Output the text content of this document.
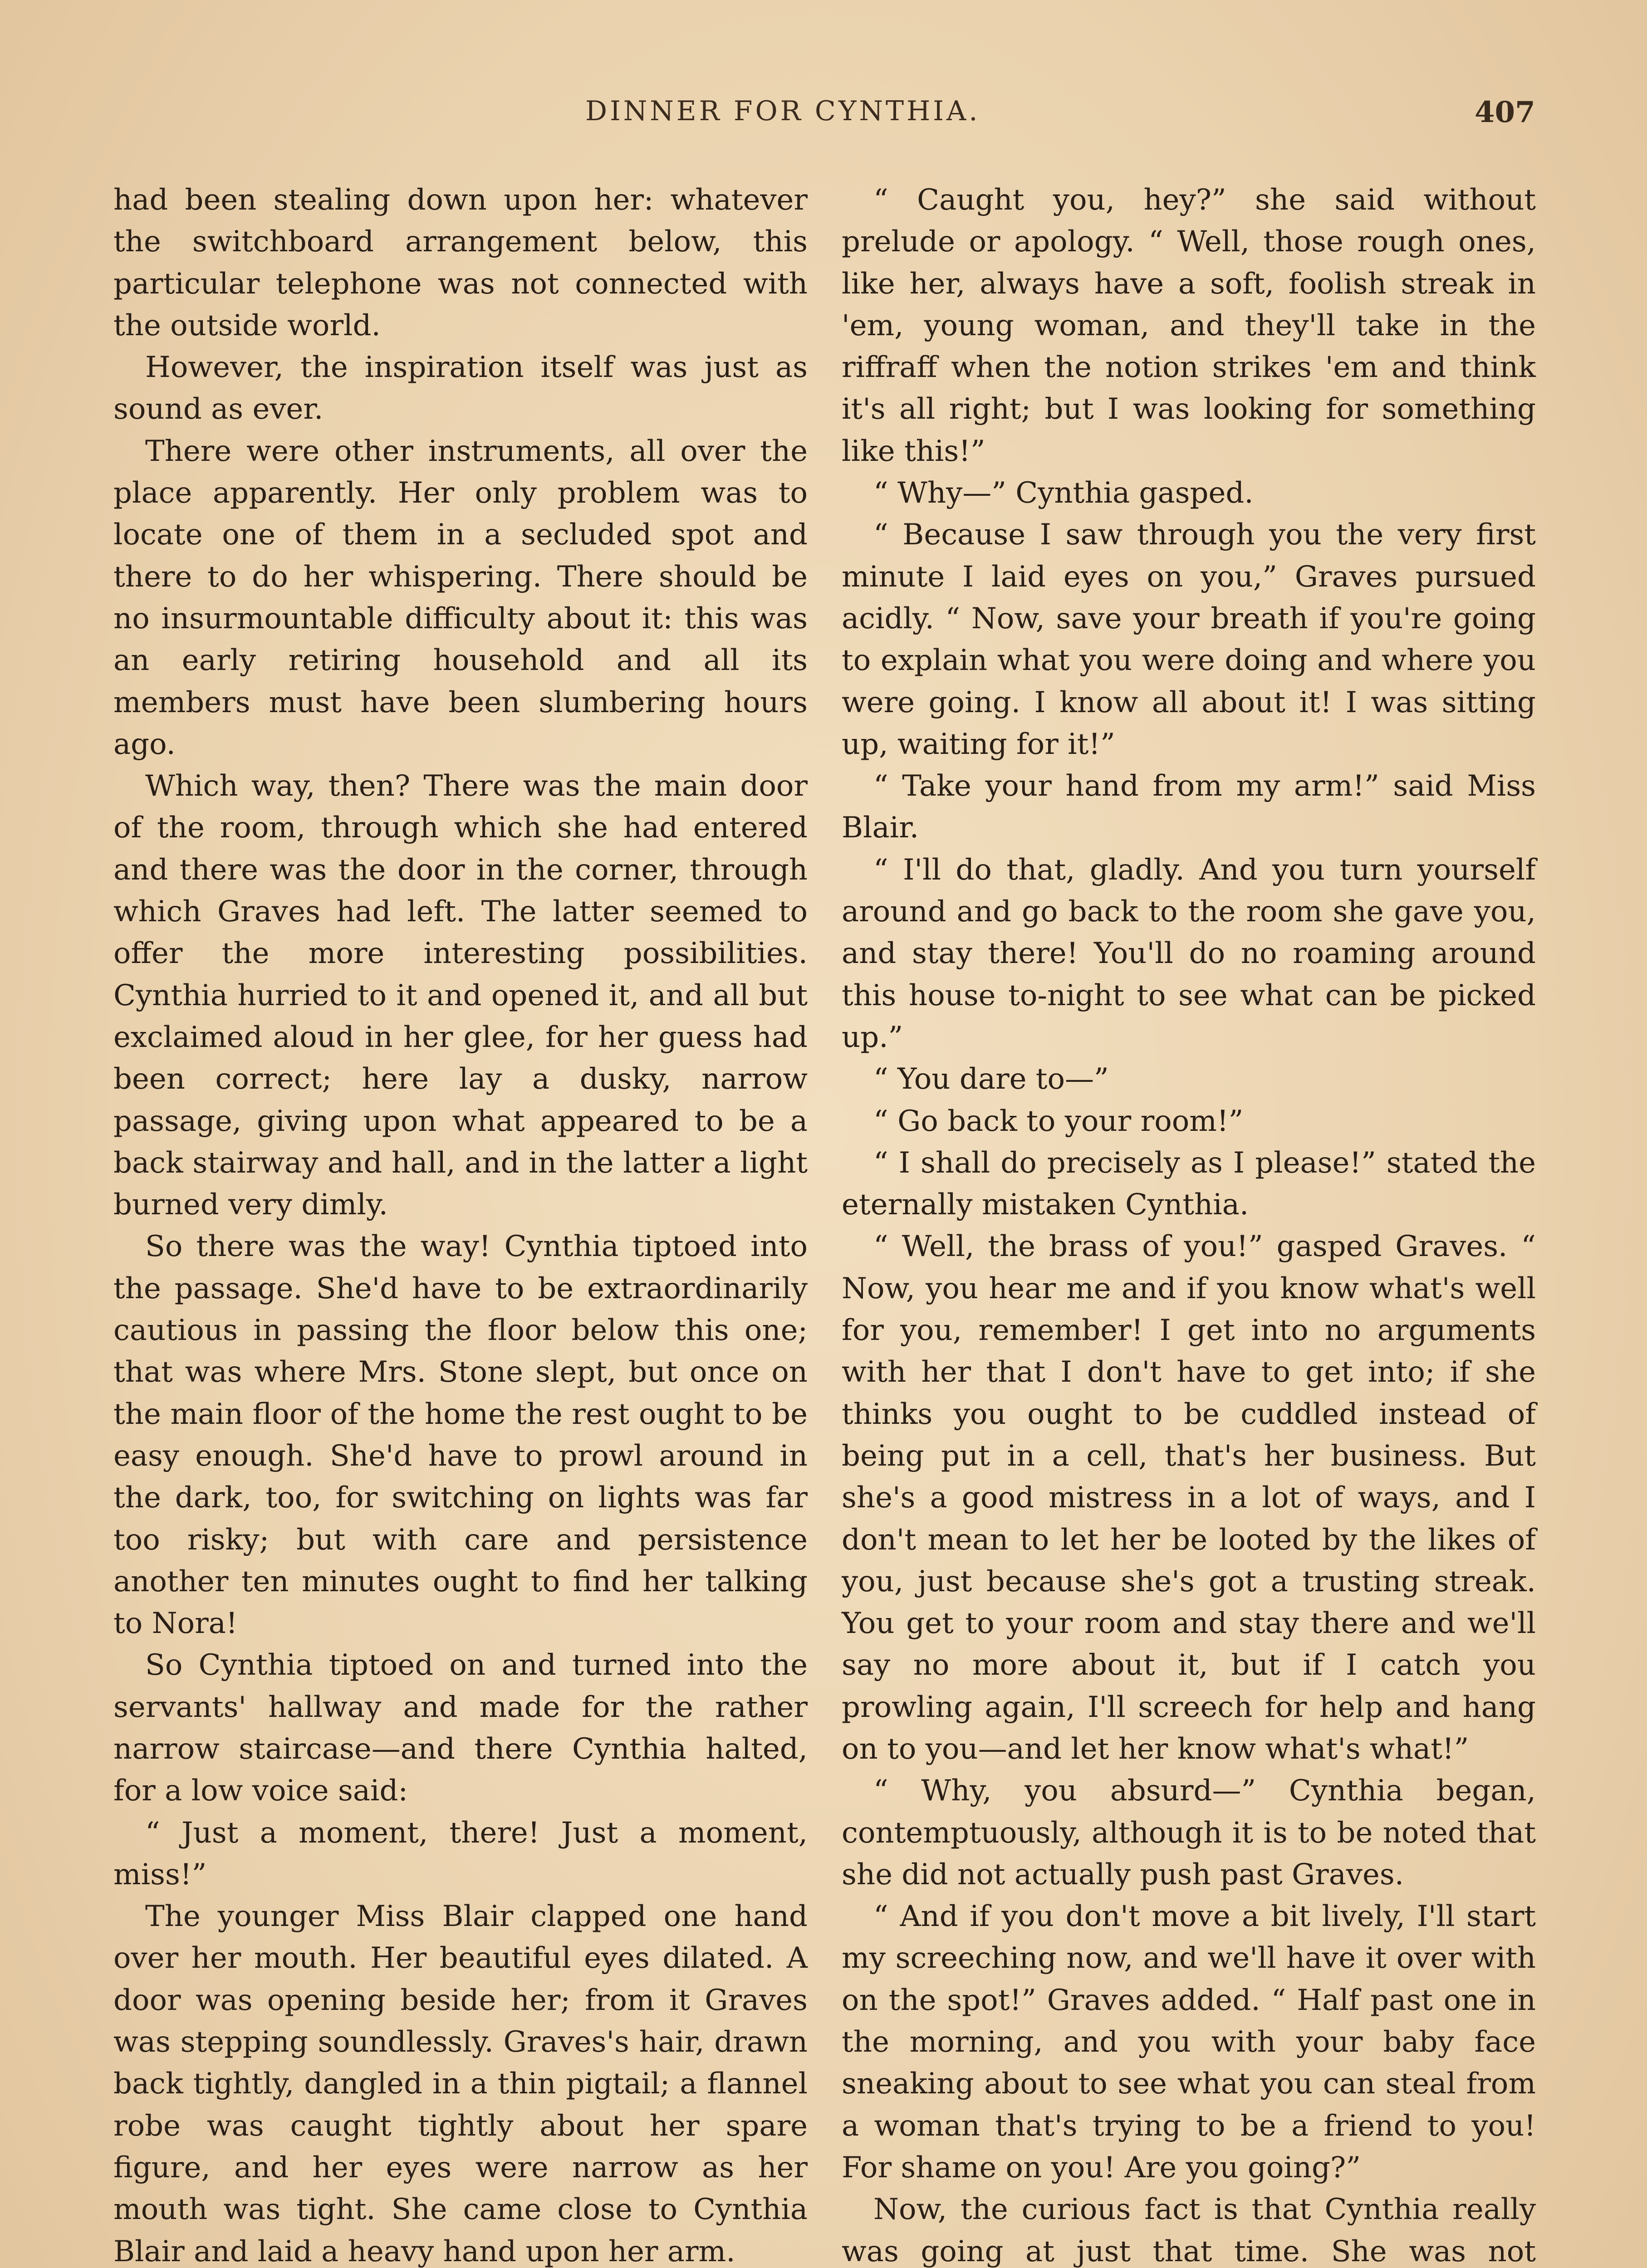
DINNER FOR CYNTHIA.	407

had been stealing down upon her: whatever the switchboard arrangement below, this particular telephone was not connected with the outside world.

However, the inspiration itself was just as sound as ever.

There were other instruments, all over the place apparently. Her only problem was to locate one of them in a secluded spot and there to do her whispering. There should be no insurmountable difficulty about it: this was an early retiring household and all its members must have been slumbering hours ago.

Which way, then? There was the main door of the room, through which she had entered and there was the door in the corner, through which Graves had left. The latter seemed to offer the more interesting possibilities. Cynthia hurried to it and opened it, and all but exclaimed aloud in her glee, for her guess had been correct; here lay a dusky, narrow passage, giving upon what appeared to be a back stairway and hall, and in the latter a light burned very dimly.

So there was the way! Cynthia tiptoed into the passage. She'd have to be extraordinarily cautious in passing the floor below this one; that was where Mrs. Stone slept, but once on the main floor of the home the rest ought to be easy enough. She'd have to prowl around in the dark, too, for switching on lights was far too risky; but with care and persistence another ten minutes ought to find her talking to Nora!

So Cynthia tiptoed on and turned into the servants' hallway and made for the rather narrow staircase—and there Cynthia halted, for a low voice said:

“ Just a moment, there! Just a moment, miss!”

The younger Miss Blair clapped one hand over her mouth. Her beautiful eyes dilated. A door was opening beside her; from it Graves was stepping soundlessly. Graves's hair, drawn back tightly, dangled in a thin pigtail; a flannel robe was caught tightly about her spare figure, and her eyes were narrow as her mouth was tight. She came close to Cynthia Blair and laid a heavy hand upon her arm.

“ Caught you, hey?” she said without prelude or apology. “ Well, those rough ones, like her, always have a soft, foolish streak in 'em, young woman, and they'll take in the riffraff when the notion strikes 'em and think it's all right; but I was looking for something like this!”

“ Why—” Cynthia gasped.

“ Because I saw through you the very first minute I laid eyes on you,” Graves pursued acidly. “ Now, save your breath if you're going to explain what you were doing and where you were going. I know all about it! I was sitting up, waiting for it!”

“ Take your hand from my arm!” said Miss Blair.

“ I'll do that, gladly. And you turn yourself around and go back to the room she gave you, and stay there! You'll do no roaming around this house to-night to see what can be picked up.”

“ You dare to—”

“ Go back to your room!”

“ I shall do precisely as I please!” stated the eternally mistaken Cynthia.

“ Well, the brass of you!” gasped Graves. “ Now, you hear me and if you know what's well for you, remember! I get into no arguments with her that I don't have to get into; if she thinks you ought to be cuddled instead of being put in a cell, that's her business. But she's a good mistress in a lot of ways, and I don't mean to let her be looted by the likes of you, just because she's got a trusting streak. You get to your room and stay there and we'll say no more about it, but if I catch you prowling again, I'll screech for help and hang on to you—and let her know what's what!”

“ Why, you absurd—” Cynthia began, contemptuously, although it is to be noted that she did not actually push past Graves.

“ And if you don't move a bit lively, I'll start my screeching now, and we'll have it over with on the spot!” Graves added. “ Half past one in the morning, and you with your baby face sneaking about to see what you can steal from a woman that's trying to be a friend to you! For shame on you! Are you going?”

Now, the curious fact is that Cynthia really was going at just that time. She was not
